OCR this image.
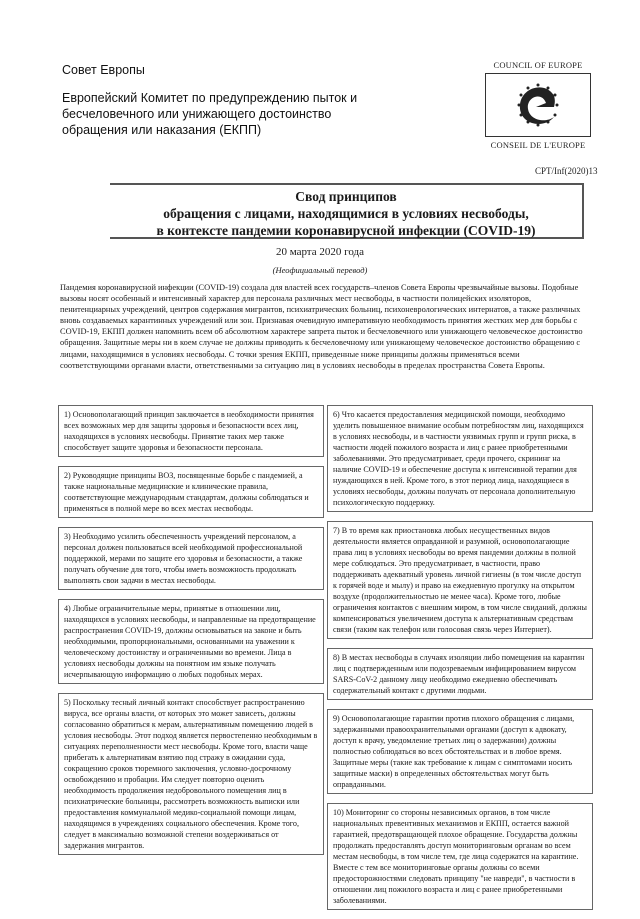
Совет Европы
Европейский Комитет по предупреждению пыток и бесчеловечного или унижающего достоинство обращения или наказания (ЕКПП)
COUNCIL OF EUROPE
CONSEIL DE L'EUROPE
CPT/Inf(2020)13
Свод принципов
обращения с лицами, находящимися в условиях несвободы,
в контексте пандемии коронавирусной инфекции (COVID-19)
20 марта 2020 года
(Неофициальный перевод)
Пандемия коронавирусной инфекции (COVID-19) создала для властей всех государств–членов Совета Европы чрезвычайные вызовы. Подобные вызовы носят особенный и интенсивный характер для персонала различных мест несвободы, в частности полицейских изоляторов, пенитенциарных учреждений, центров содержания мигрантов, психиатрических больниц, психоневрологических интернатов, а также различных вновь создаваемых карантинных учреждений или зон. Признавая очевидную императивную необходимость принятия жестких мер для борьбы с COVID-19, ЕКПП должен напомнить всем об абсолютном характере запрета пыток и бесчеловечного или унижающего человеческое достоинство обращения. Защитные меры ни в коем случае не должны приводить к бесчеловечному или унижающему человеческое достоинство обращению с лицами, находящимися в условиях несвободы. С точки зрения ЕКПП, приведенные ниже принципы должны применяться всеми соответствующими органами власти, ответственными за ситуацию лиц в условиях несвободы в пределах пространства Совета Европы.
1) Основополагающий принцип заключается в необходимости принятия всех возможных мер для защиты здоровья и безопасности всех лиц, находящихся в условиях несвободы. Принятие таких мер также способствует защите здоровья и безопасности персонала.
2) Руководящие принципы ВОЗ, посвященные борьбе с пандемией, а также национальные медицинские и клинические правила, соответствующие международным стандартам, должны соблюдаться и применяться в полной мере во всех местах несвободы.
3) Необходимо усилить обеспеченность учреждений персоналом, а персонал должен пользоваться всей необходимой профессиональной поддержкой, мерами по защите его здоровья и безопасности, а также получать обучение для того, чтобы иметь возможность продолжать выполнять свои задачи в местах несвободы.
4) Любые ограничительные меры, принятые в отношении лиц, находящихся в условиях несвободы, и направленные на предотвращение распространения COVID-19, должны основываться на законе и быть необходимыми, пропорциональными, основанными на уважении к человеческому достоинству и ограниченными во времени. Лица в условиях несвободы должны на понятном им языке получать исчерпывающую информацию о любых подобных мерах.
5) Поскольку тесный личный контакт способствует распространению вируса, все органы власти, от которых это может зависеть, должны согласованно обратиться к мерам, альтернативным помещению людей в условия несвободы. Этот подход является первостепенно необходимым в ситуациях переполненности мест несвободы. Кроме того, власти чаще прибегать к альтернативам взятию под стражу в ожидании суда, сокращению сроков тюремного заключения, условно-досрочному освобождению и пробации. Им следует повторно оценить необходимость продолжения недобровольного помещения лиц в психиатрические больницы, рассмотреть возможность выписки или предоставления коммунальной медико-социальной помощи лицам, находящимся в учреждениях социального обеспечения. Кроме того, следует в максимально возможной степени воздерживаться от задержания мигрантов.
6) Что касается предоставления медицинской помощи, необходимо уделить повышенное внимание особым потребностям лиц, находящихся в условиях несвободы, и в частности уязвимых групп и групп риска, в частности людей пожилого возраста и лиц с ранее приобретенными заболеваниями. Это предусматривает, среди прочего, скрининг на наличие COVID-19 и обеспечение доступа к интенсивной терапии для нуждающихся в ней. Кроме того, в этот период лица, находящиеся в условиях несвободы, должны получать от персонала дополнительную психологическую поддержку.
7) В то время как приостановка любых несущественных видов деятельности является оправданной и разумной, основополагающие права лиц в условиях несвободы во время пандемии должны в полной мере соблюдаться. Это предусматривает, в частности, право поддерживать адекватный уровень личной гигиены (в том числе доступ к горячей воде и мылу) и право на ежедневную прогулку на открытом воздухе (продолжительностью не менее часа). Кроме того, любые ограничения контактов с внешним миром, в том числе свиданий, должны компенсироваться увеличением доступа к альтернативным средствам связи (таким как телефон или голосовая связь через Интернет).
8) В местах несвободы в случаях изоляции либо помещения на карантин лиц с подтвержденным или подозреваемым инфицированием вирусом SARS-CoV-2 данному лицу необходимо ежедневно обеспечивать содержательный контакт с другими людьми.
9) Основополагающие гарантии против плохого обращения с лицами, задержанными правоохранительными органами (доступ к адвокату, доступ к врачу, уведомление третьих лиц о задержании) должны полностью соблюдаться во всех обстоятельствах и в любое время. Защитные меры (такие как требование к лицам с симптомами носить защитные маски) в определенных обстоятельствах могут быть оправданными.
10) Мониторинг со стороны независимых органов, в том числе национальных превентивных механизмов и ЕКПП, остается важной гарантией, предотвращающей плохое обращение. Государства должны продолжать предоставлять доступ мониторинговым органам во всем местам несвободы, в том числе тем, где лица содержатся на карантине. Вместе с тем все мониторинговые органы должны со всеми предосторожностями следовать принципу "не навреди", в частности в отношении лиц пожилого возраста и лиц с ранее приобретенными заболеваниями.
